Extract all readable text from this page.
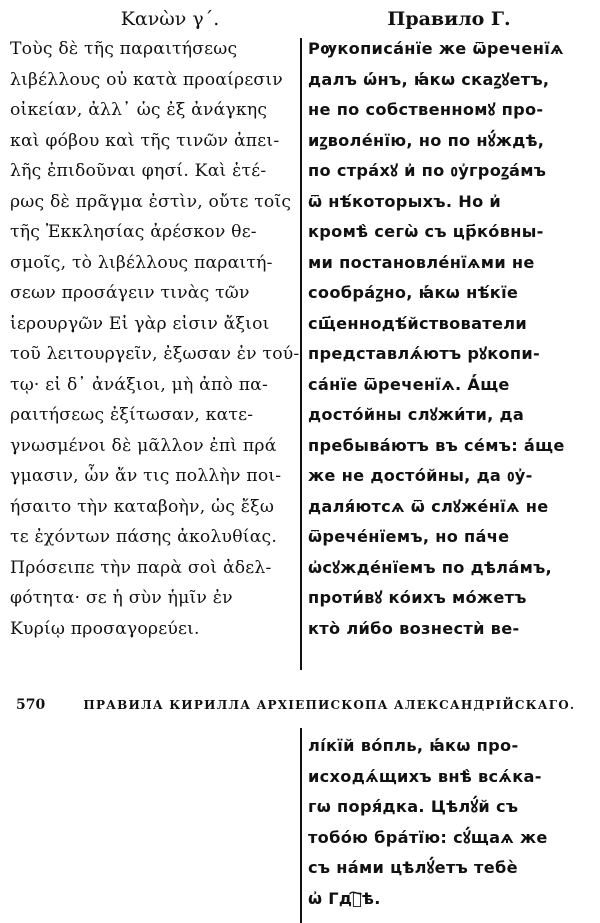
Κανὼν γ΄.
Τοὺς δὲ τῆς παραιτήσεως
λιβέλλους οὐ κατὰ προαίρεσιν
οἰκείαν, ἀλλ᾽ ὡς ἐξ ἀνάγκης
καὶ φόβου καὶ τῆς τινῶν ἀπει-
λῆς ἐπιδοῦναι φησί. Καὶ ἑτέ-
ρως δὲ πρᾶγμα ἐστὶν, οὔτε τοῖς
τῆς Ἐκκλησίας ἀρέσκον θε-
σμοῖς, τὸ λιβέλλους παραιτή-
σεων προσάγειν τινὰς τῶν
ἱερουργῶν Εἰ γὰρ εἰσιν ἄξιοι
τοῦ λειτουργεῖν, ἐξωσαν ἐν τού-
τῳ· εἰ δ᾽ ἀνάξιοι, μὴ ἀπὸ πα-
ραιτήσεως ἐξίτωσαν, κατε-
γνωσμένοι δὲ μᾶλλον ἐπὶ πρά
γμασιν, ὧν ἄν τις πολλὴν ποι-
ήσαιτο τὴν καταβοὴν, ὡς ἔξω
τε ἐχόντων πάσης ἀκολυθίας.
Πρόσειπε τὴν παρὰ σοὶ ἀδελ-
φότητα· σε ἡ σὺν ἡμῖν ἐν
Κυρίῳ προσαγορεύει.
Правило Г.
Рѹкописа́нїе же ѿреченїѧ
далъ ѡ҆́нъ, ꙗ҆́кѡ скаꙁꙋетъ,
не по собственномꙋ про-
иꙁволе́нїю, но по нꙋ́ждѣ,
по стра́хꙋ и҆ по ᲂу҆гроꙁа́мъ
ѿ нѣ́которыхъ. Но и҆
кромѣ̀ сегѡ̀ съ цр҃ко́вны-
ми постановле́нїѧми не
сообра́ꙁно, ꙗ҆́кѡ нѣ́кїе
сщ҃еннодѣ́йствователи
представлѧ́ютъ рꙋкопи-
са́нїе ѿреченїѧ. А҆́ще
досто́йны слꙋжи́ти, да
пребыва́ютъ въ се́мъ: а҆́ще
же не досто́йны, да ᲂу҆-
даля́ютсѧ ѿ слꙋже́нїѧ не
ѿрече́нїемъ, но па́че
ѡ҆сꙋжде́нїемъ по дѣла́мъ,
проти́вꙋ ко́ихъ мо́жетъ
кто̀ ли́бо вознестѝ ве-
570	ПРАВИЛА КИРИЛЛА АРХІЕПИСКОПА АЛЕКСАНДРІЙСКАГО.
лі́кїй во́пль, ꙗ҆́кѡ про-
исходѧ́щихъ внѣ̀ всѧ́ка-
гѡ поря́дка. Цѣлꙋ́й съ
тобо́ю бра́тїю: сꙋ́щаѧ же
съ на́ми цѣлꙋ́етъ тебѐ
ѡ҆ Гдⷭ҇ѣ.
